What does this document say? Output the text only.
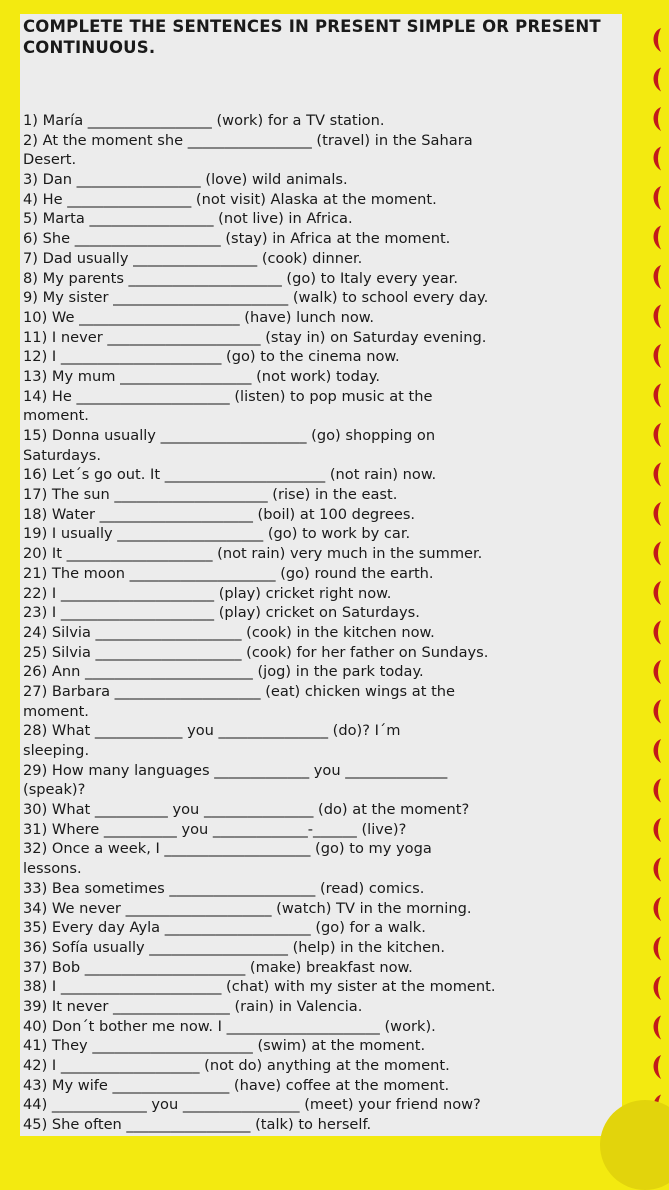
COMPLETE THE SENTENCES IN PRESENT SIMPLE OR PRESENT CONTINUOUS.
1) María _________________ (work) for a TV station.
2) At the moment she _________________ (travel) in the Sahara
Desert.
3) Dan _________________ (love) wild animals.
4) He _________________ (not visit) Alaska at the moment.
5) Marta _________________ (not live) in Africa.
6) She ____________________ (stay) in Africa at the moment.
7) Dad usually _________________ (cook) dinner.
8) My parents _____________________ (go) to Italy every year.
9) My sister ________________________ (walk) to school every day.
10) We ______________________ (have) lunch now.
11) I never _____________________ (stay in) on Saturday evening.
12) I ______________________ (go) to the cinema now.
13) My mum __________________ (not work) today.
14) He _____________________ (listen) to pop music at the
moment.
15) Donna usually ____________________ (go) shopping on
Saturdays.
16) Let´s go out. It ______________________ (not rain) now.
17) The sun _____________________ (rise) in the east.
18) Water _____________________ (boil) at 100 degrees.
19) I usually ____________________ (go) to work by car.
20) It ____________________ (not rain) very much in the summer.
21) The moon ____________________ (go) round the earth.
22) I _____________________ (play) cricket right now.
23) I _____________________ (play) cricket on Saturdays.
24) Silvia ____________________ (cook) in the kitchen now.
25) Silvia ____________________ (cook) for her father on Sundays.
26) Ann _______________________ (jog) in the park today.
27) Barbara ____________________ (eat) chicken wings at the
moment.
28) What ____________ you _______________ (do)? I´m
sleeping.
29) How many languages _____________ you ______________
(speak)?
30) What __________ you _______________ (do) at the moment?
31) Where __________ you _____________-______ (live)?
32) Once a week, I ____________________ (go) to my yoga
lessons.
33) Bea sometimes ____________________ (read) comics.
34) We never ____________________ (watch) TV in the morning.
35) Every day Ayla ____________________ (go) for a walk.
36) Sofía usually ___________________ (help) in the kitchen.
37) Bob ______________________ (make) breakfast now.
38) I ______________________ (chat) with my sister at the moment.
39) It never ________________ (rain) in Valencia.
40) Don´t bother me now. I _____________________ (work).
41) They ______________________ (swim) at the moment.
42) I ___________________ (not do) anything at the moment.
43) My wife ________________ (have) coffee at the moment.
44) _____________ you ________________ (meet) your friend now?
45) She often _________________ (talk) to herself.
